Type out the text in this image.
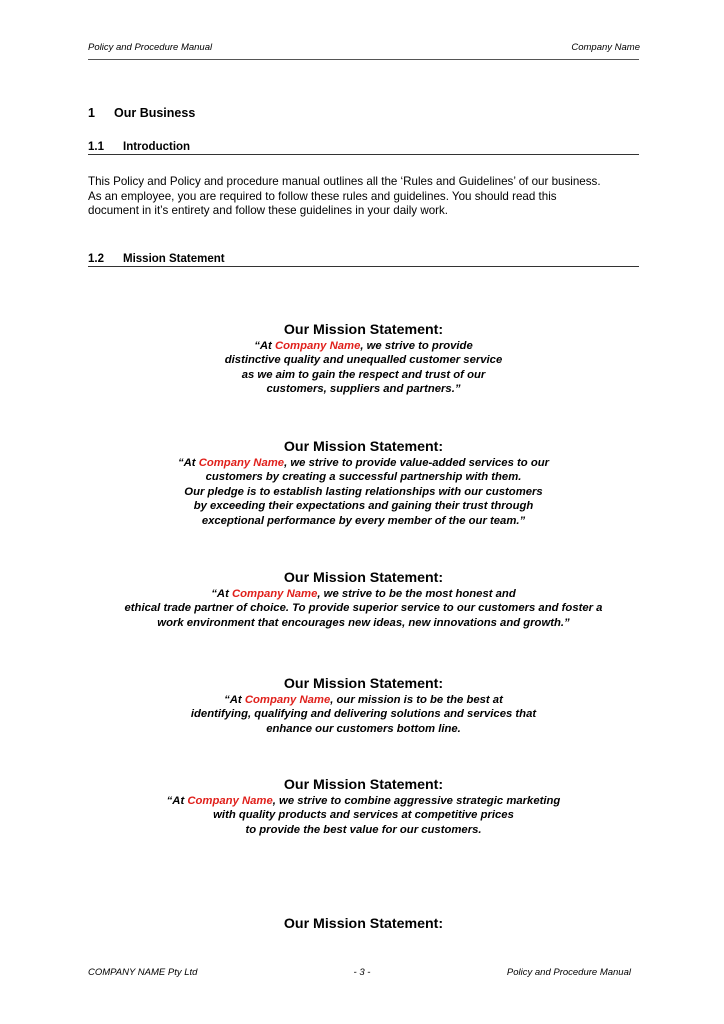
Policy and Procedure Manual	Company Name
1 Our Business
1.1 Introduction
This Policy and Policy and procedure manual outlines all the ‘Rules and Guidelines’ of our business.
As an employee, you are required to follow these rules and guidelines. You should read this
document in it’s entirety and follow these guidelines in your daily work.
1.2 Mission Statement
Our Mission Statement:

“At Company Name, we strive to provide
distinctive quality and unequalled customer service
as we aim to gain the respect and trust of our
customers, suppliers and partners.”

Our Mission Statement:

“At Company Name, we strive to provide value-added services to our
customers by creating a successful partnership with them.
Our pledge is to establish lasting relationships with our customers
by exceeding their expectations and gaining their trust through
exceptional performance by every member of the our team.”

Our Mission Statement:

“At Company Name, we strive to be the most honest and
ethical trade partner of choice. To provide superior service to our customers and foster a
work environment that encourages new ideas, new innovations and growth.”

Our Mission Statement:

“At Company Name, our mission is to be the best at
identifying, qualifying and delivering solutions and services that
enhance our customers bottom line.

Our Mission Statement:

“At Company Name, we strive to combine aggressive strategic marketing
with quality products and services at competitive prices
to provide the best value for our customers.

Our Mission Statement:
COMPANY NAME Pty Ltd	- 3 -	Policy and Procedure Manual
